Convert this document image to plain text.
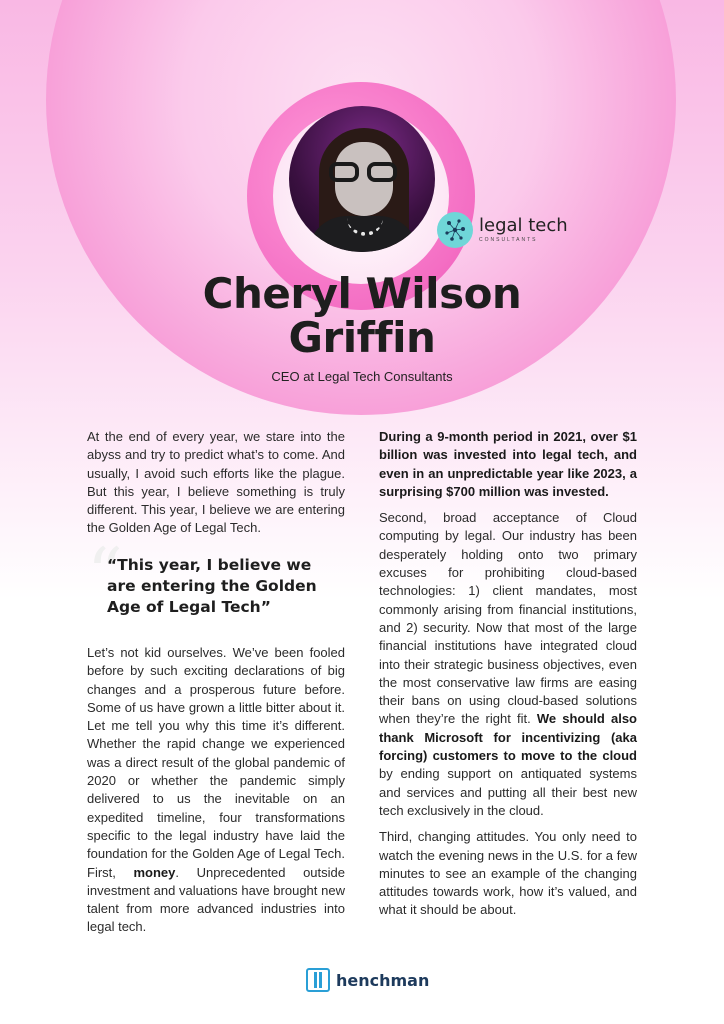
legal tech
CONSULTANTS
Cheryl Wilson
Griffin
CEO at Legal Tech Consultants

At the end of every year, we stare into the abyss and try to predict what’s to come. And usually, I avoid such efforts like the plague. But this year, I believe something is truly different. This year, I believe we are entering the Golden Age of Legal Tech.

“
“This year, I believe we are entering the Golden Age of Legal Tech”

Let’s not kid ourselves. We’ve been fooled before by such exciting declarations of big changes and a prosperous future before. Some of us have grown a little bitter about it. Let me tell you why this time it’s different. Whether the rapid change we experienced was a direct result of the global pandemic of 2020 or whether the pandemic simply delivered to us the inevitable on an expedited timeline, four transformations specific to the legal industry have laid the foundation for the Golden Age of Legal Tech. First, money. Unprecedented outside investment and valuations have brought new talent from more advanced industries into legal tech.

During a 9-month period in 2021, over $1 billion was invested into legal tech, and even in an unpredictable year like 2023, a surprising $700 million was invested.

Second, broad acceptance of Cloud computing by legal. Our industry has been desperately holding onto two primary excuses for prohibiting cloud-based technologies: 1) client mandates, most commonly arising from financial institutions, and 2) security. Now that most of the large financial institutions have integrated cloud into their strategic business objectives, even the most conservative law firms are easing their bans on using cloud-based solutions when they’re the right fit. We should also thank Microsoft for incentivizing (aka forcing) customers to move to the cloud by ending support on antiquated systems and services and putting all their best new tech exclusively in the cloud.

Third, changing attitudes. You only need to watch the evening news in the U.S. for a few minutes to see an example of the changing attitudes towards work, how it’s valued, and what it should be about.

henchman
